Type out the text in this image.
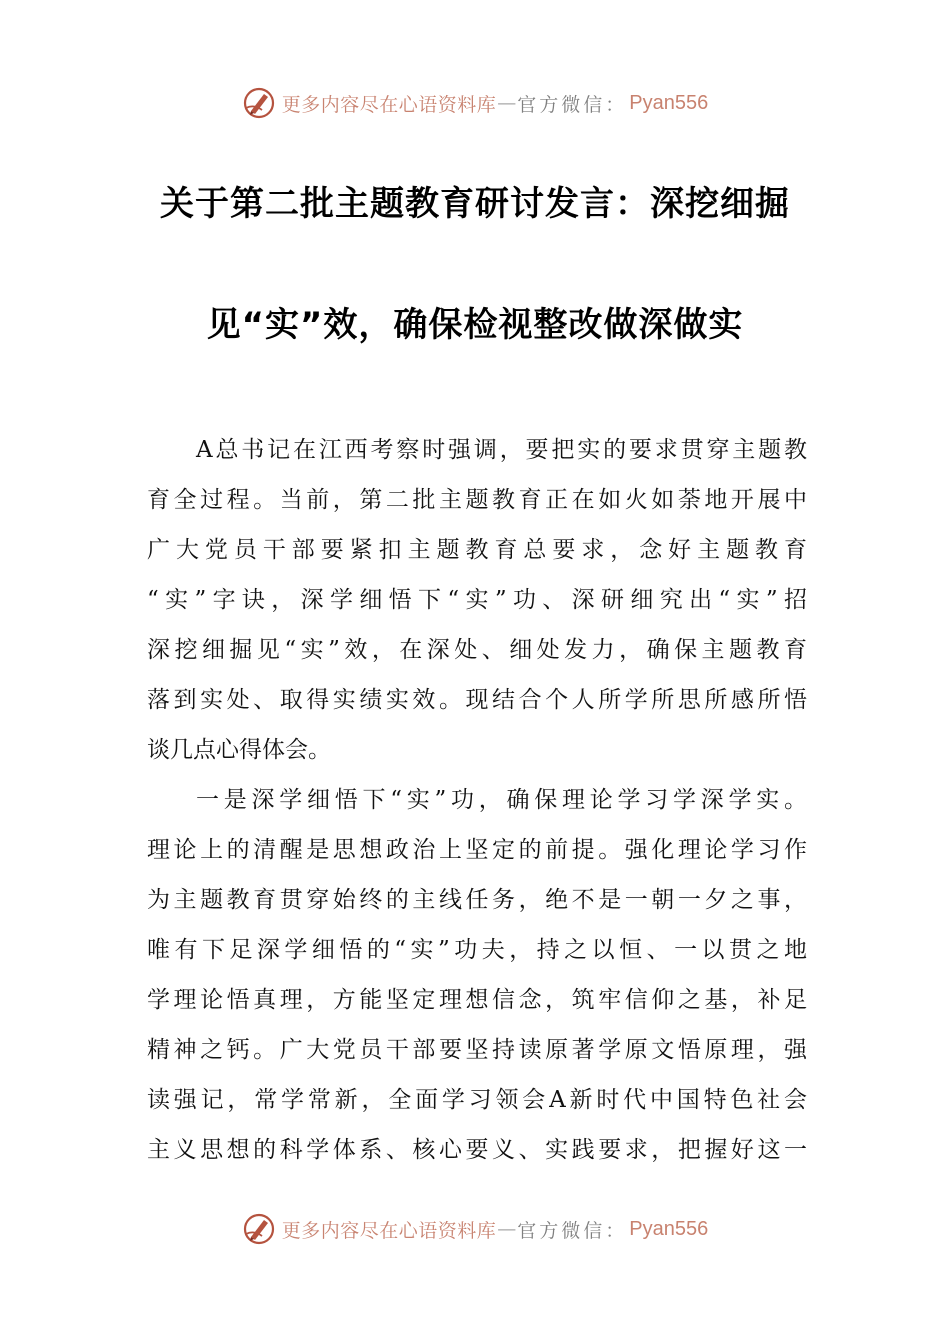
更多内容尽在心语资料库 — 官方微信： Pyan556
关于第二批主题教育研讨发言：深挖细掘
见“实”效，确保检视整改做深做实
A总书记在江西考察时强调，要把实的要求贯穿主题教
育全过程。当前，第二批主题教育正在如火如荼地开展中
广大党员干部要紧扣主题教育总要求，念好主题教育
“实”字诀，深学细悟下“实”功、深研细究出“实”招
深挖细掘见“实”效，在深处、细处发力，确保主题教育
落到实处、取得实绩实效。现结合个人所学所思所感所悟
谈几点心得体会。
一是深学细悟下“实”功，确保理论学习学深学实。
理论上的清醒是思想政治上坚定的前提。强化理论学习作
为主题教育贯穿始终的主线任务，绝不是一朝一夕之事，
唯有下足深学细悟的“实”功夫，持之以恒、一以贯之地
学理论悟真理，方能坚定理想信念，筑牢信仰之基，补足
精神之钙。广大党员干部要坚持读原著学原文悟原理，强
读强记，常学常新，全面学习领会A新时代中国特色社会
主义思想的科学体系、核心要义、实践要求，把握好这一
更多内容尽在心语资料库 — 官方微信： Pyan556
